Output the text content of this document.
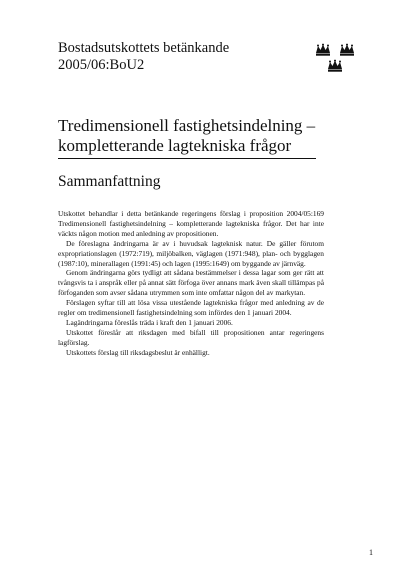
Bostadsutskottets betänkande
2005/06:BoU2
Tredimensionell fastighetsindelning –
kompletterande lagtekniska frågor
Sammanfattning

Utskottet behandlar i detta betänkande regeringens förslag i proposition 2004/05:169 Tredimensionell fastighetsindelning – kompletterande lagtekniska frågor. Det har inte väckts någon motion med anledning av propositionen.

De föreslagna ändringarna är av i huvudsak lagteknisk natur. De gäller förutom expropriationslagen (1972:719), miljöbalken, väglagen (1971:948), plan- och bygglagen (1987:10), minerallagen (1991:45) och lagen (1995:1649) om byggande av järnväg.

Genom ändringarna görs tydligt att sådana bestämmelser i dessa lagar som ger rätt att tvångsvis ta i anspråk eller på annat sätt förfoga över annans mark även skall tillämpas på förfoganden som avser sådana utrymmen som inte omfattar någon del av markytan.

Förslagen syftar till att lösa vissa utestående lagtekniska frågor med anledning av de regler om tredimensionell fastighetsindelning som infördes den 1 januari 2004.

Lagändringarna föreslås träda i kraft den 1 januari 2006.

Utskottet föreslår att riksdagen med bifall till propositionen antar regeringens lagförslag.

Utskottets förslag till riksdagsbeslut är enhälligt.

1
